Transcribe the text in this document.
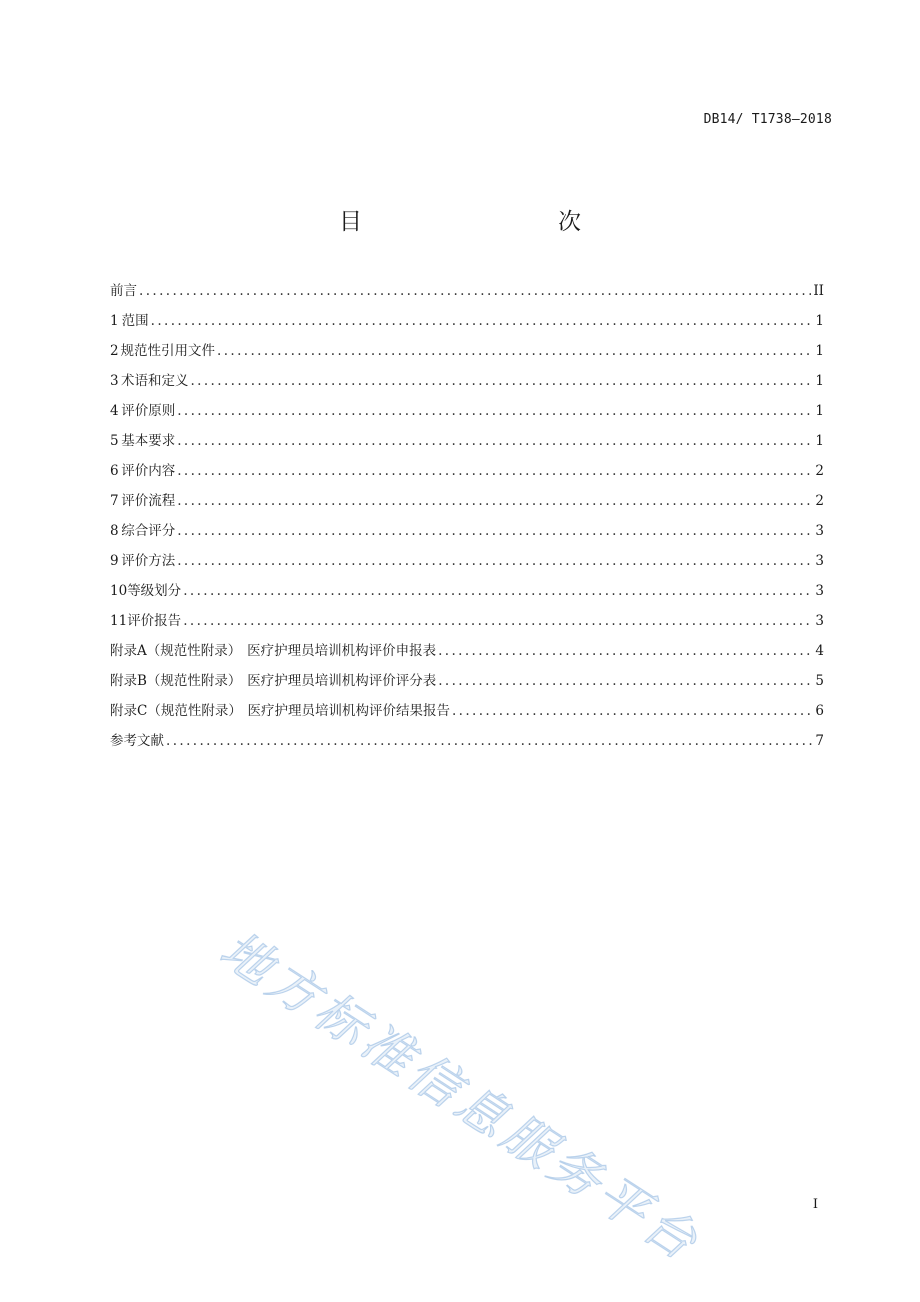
DB14/ T1738—2018
目　　次
前言 .....	II
1 范围 .....	1
2 规范性引用文件 .....	1
3 术语和定义 .....	1
4 评价原则 .....	1
5 基本要求 .....	1
6 评价内容 .....	2
7 评价流程 .....	2
8 综合评分 .....	3
9 评价方法 .....	3
10 等级划分 .....	3
11 评价报告 .....	3
附录A（规范性附录） 医疗护理员培训机构评价申报表 .....	4
附录B（规范性附录） 医疗护理员培训机构评价评分表 .....	5
附录C（规范性附录） 医疗护理员培训机构评价结果报告 .....	6
参考文献 .....	7
地方标准信息服务平台	I
